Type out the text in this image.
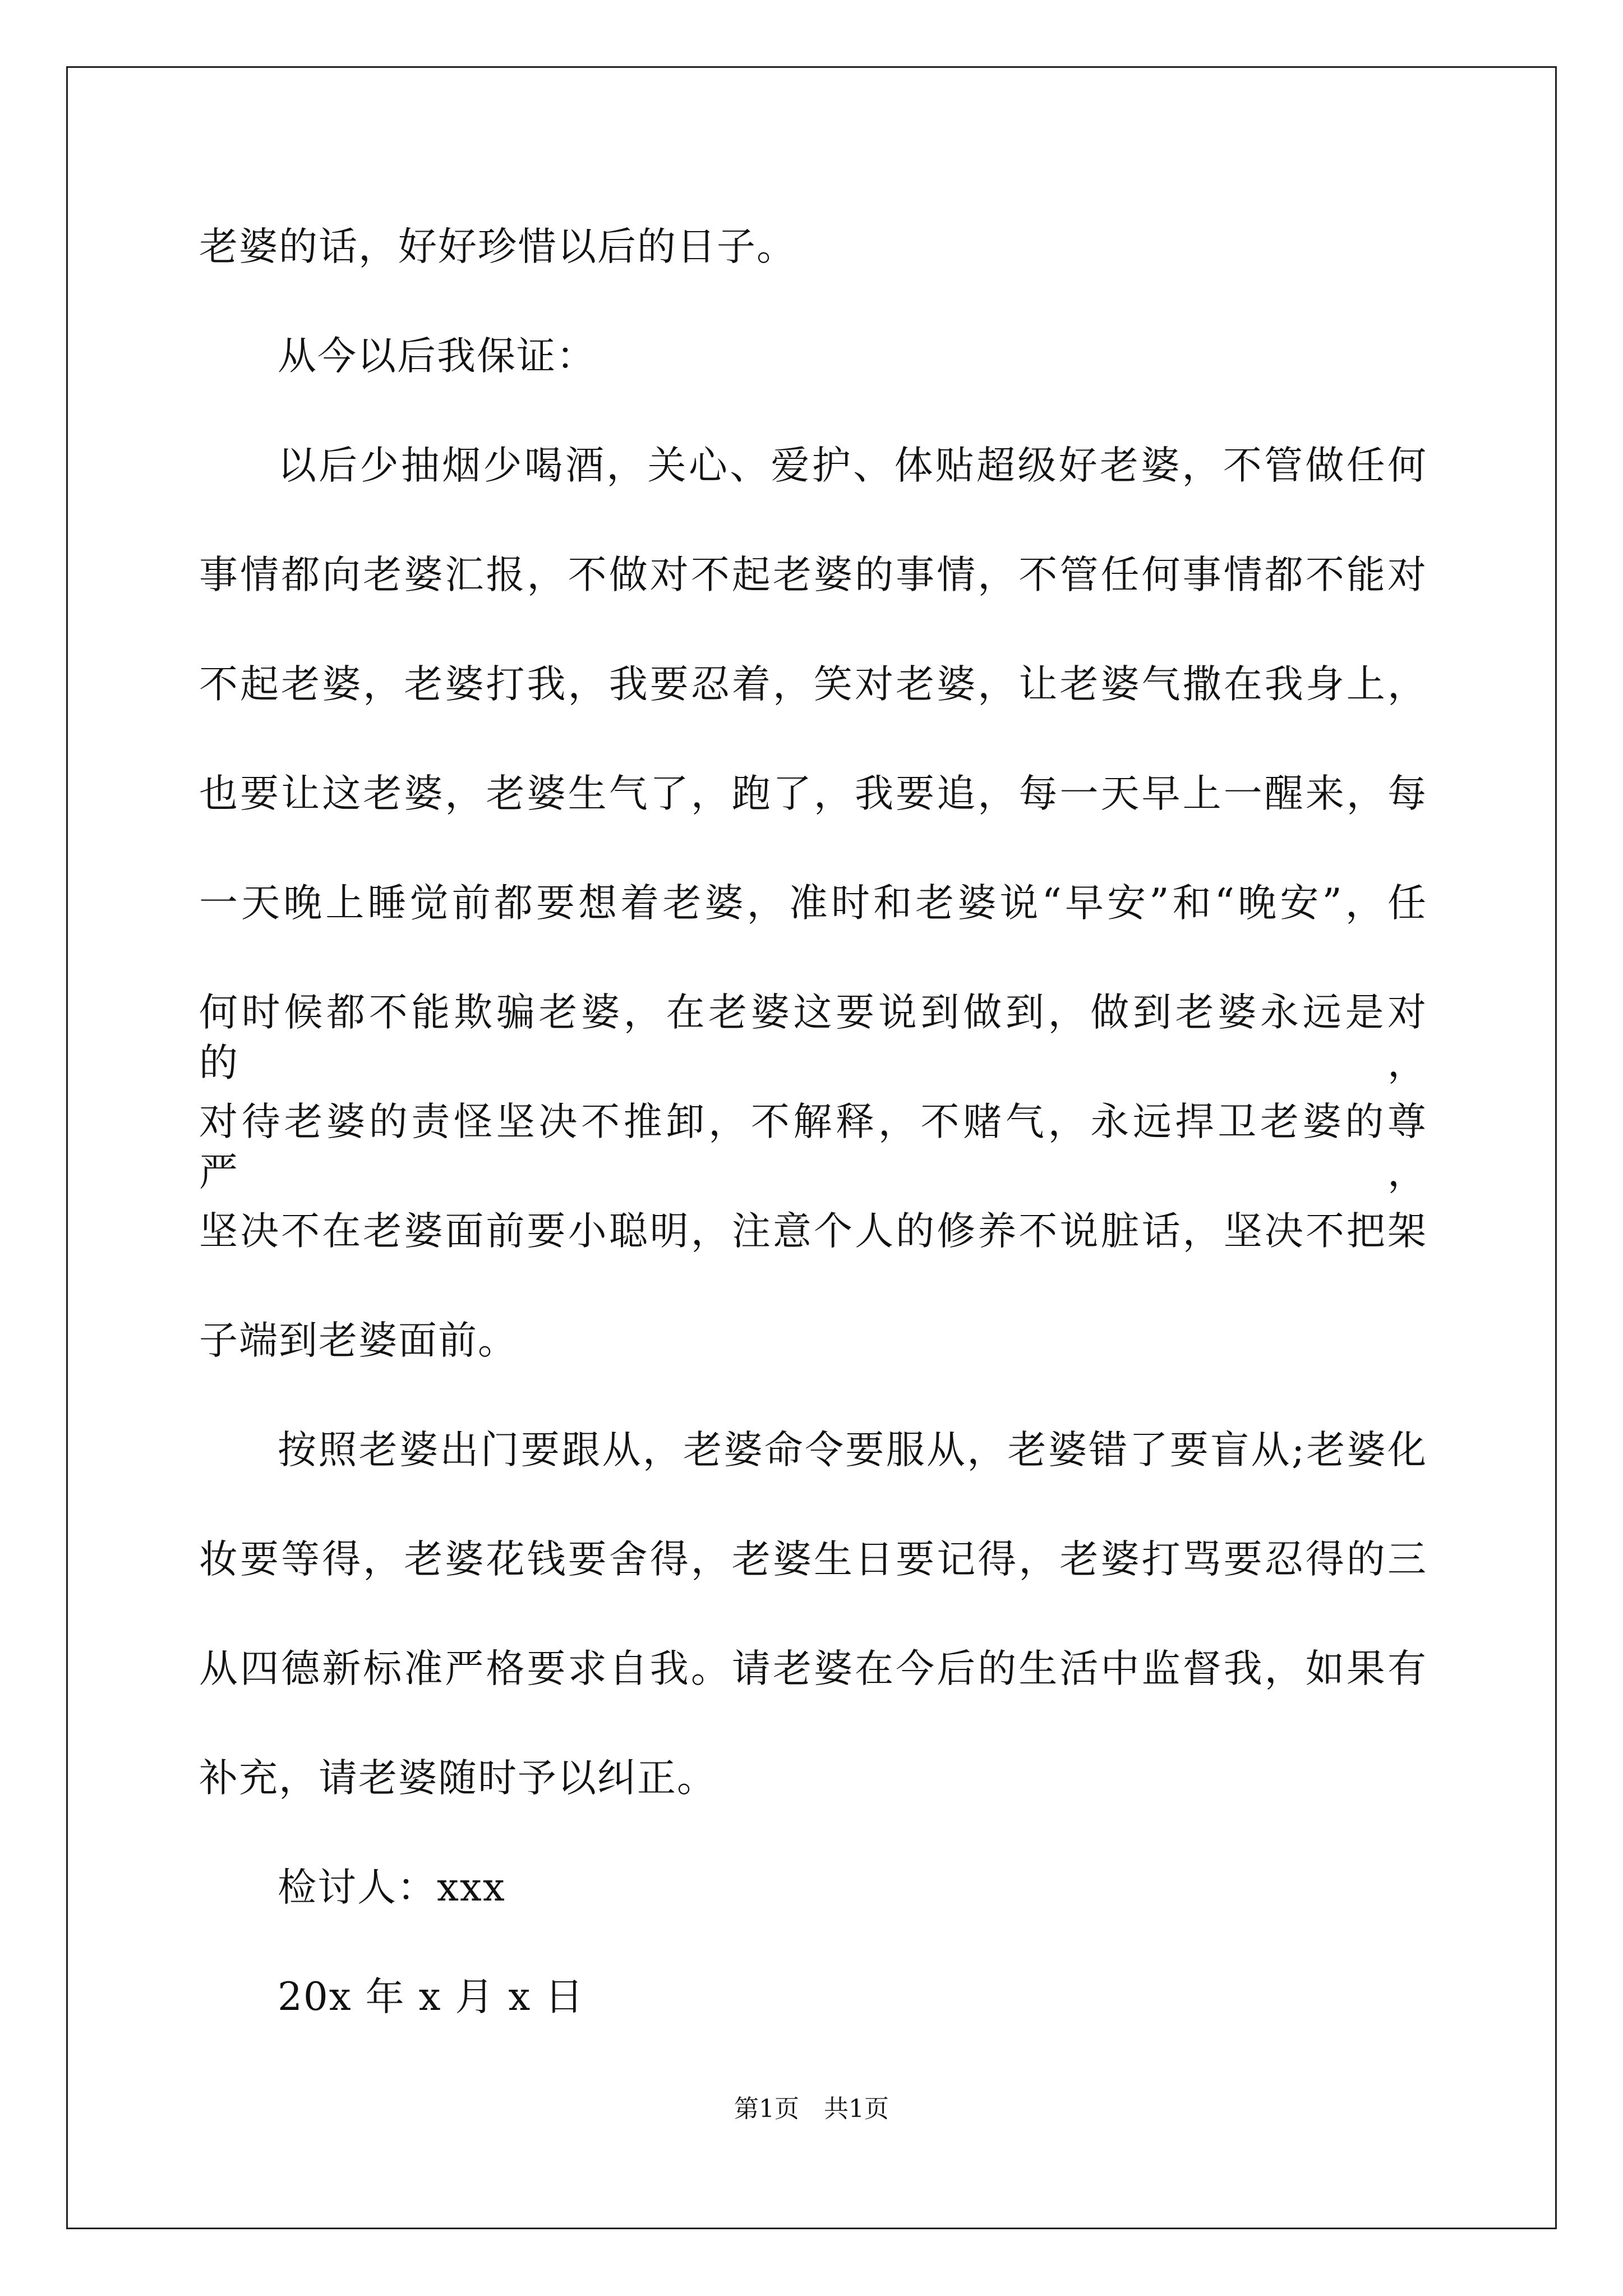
老婆的话，好好珍惜以后的日子。
从今以后我保证：
以后少抽烟少喝酒，关心、爱护、体贴超级好老婆，不管做任何
事情都向老婆汇报，不做对不起老婆的事情，不管任何事情都不能对
不起老婆，老婆打我，我要忍着，笑对老婆，让老婆气撒在我身上，
也要让这老婆，老婆生气了，跑了，我要追，每一天早上一醒来，每
一天晚上睡觉前都要想着老婆，准时和老婆说“早安”和“晚安”，任
何时候都不能欺骗老婆，在老婆这要说到做到，做到老婆永远是对的，
对待老婆的责怪坚决不推卸，不解释，不赌气，永远捍卫老婆的尊严，
坚决不在老婆面前要小聪明，注意个人的修养不说脏话，坚决不把架
子端到老婆面前。
按照老婆出门要跟从，老婆命令要服从，老婆错了要盲从;老婆化
妆要等得，老婆花钱要舍得，老婆生日要记得，老婆打骂要忍得的三
从四德新标准严格要求自我。请老婆在今后的生活中监督我，如果有
补充，请老婆随时予以纠正。
检讨人：xxx
20x 年 x 月 x 日
第1页　共1页
